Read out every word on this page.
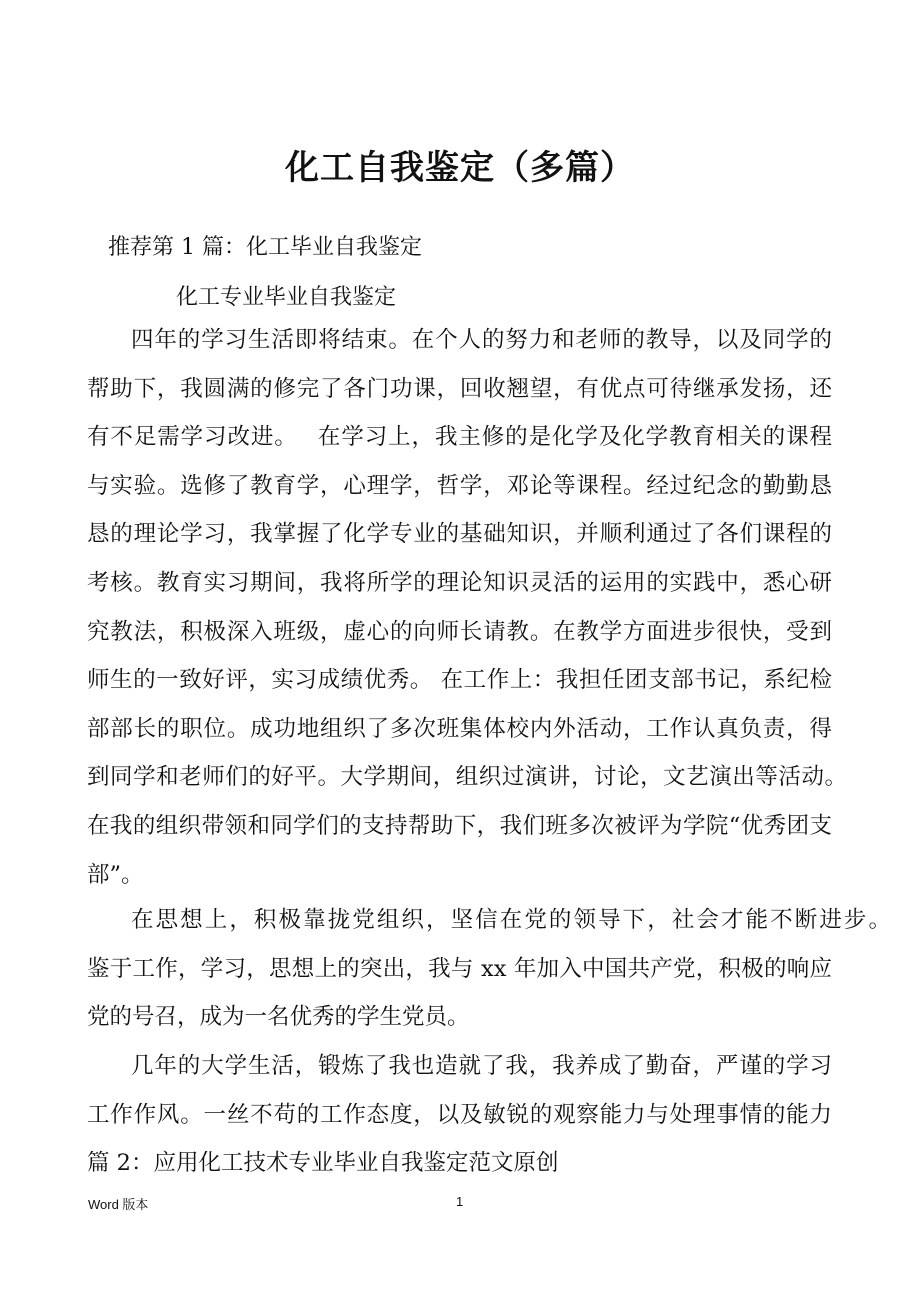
化工自我鉴定（多篇）
推荐第 1 篇：化工毕业自我鉴定
化工专业毕业自我鉴定
四年的学习生活即将结束。在个人的努力和老师的教导，以及同学的
帮助下，我圆满的修完了各门功课，回收翘望，有优点可待继承发扬，还
有不足需学习改进。　 在学习上，我主修的是化学及化学教育相关的课程
与实验。选修了教育学，心理学，哲学，邓论等课程。经过纪念的勤勤恳
恳的理论学习，我掌握了化学专业的基础知识，并顺利通过了各们课程的
考核。教育实习期间，我将所学的理论知识灵活的运用的实践中，悉心研
究教法，积极深入班级，虚心的向师长请教。在教学方面进步很快，受到
师生的一致好评，实习成绩优秀。 在工作上：我担任团支部书记，系纪检
部部长的职位。成功地组织了多次班集体校内外活动，工作认真负责，得
到同学和老师们的好平。大学期间，组织过演讲，讨论，文艺演出等活动。
在我的组织带领和同学们的支持帮助下，我们班多次被评为学院“优秀团支
部”。
在思想上，积极靠拢党组织，坚信在党的领导下，社会才能不断进步。
鉴于工作，学习，思想上的突出，我与 xx 年加入中国共产党，积极的响应
党的号召，成为一名优秀的学生党员。
几年的大学生活，锻炼了我也造就了我，我养成了勤奋，严谨的学习
工作作风。一丝不苟的工作态度，以及敏锐的观察能力与处理事情的能力
篇 2：应用化工技术专业毕业自我鉴定范文原创
Word 版本	1
